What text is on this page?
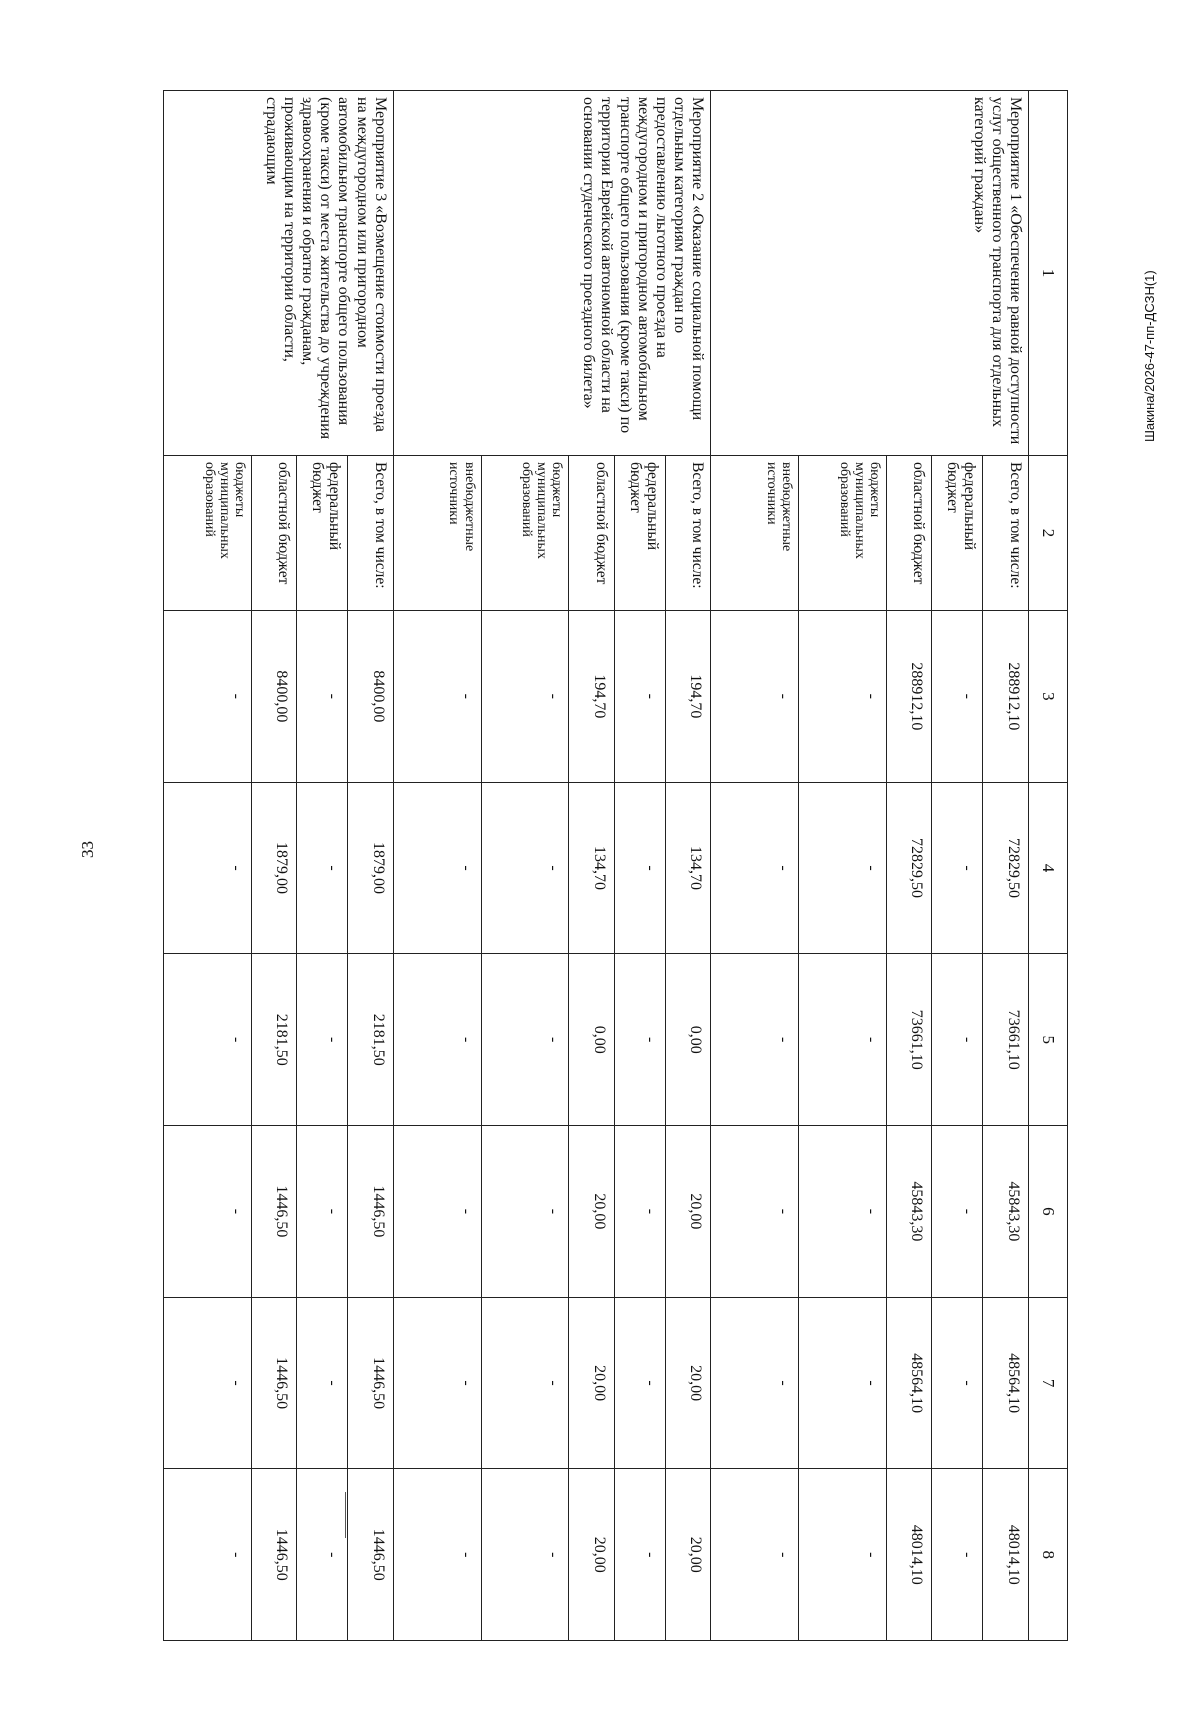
33
Шакина/2026-47-пп-ДСЗН(1)
1	2	3	4	5	6	7	8
Мероприятие 1 «Обеспечение равной доступности услуг общественного транспорта для отдельных категорий граждан»	Всего, в том числе:	288912,10	72829,50	73661,10	45843,30	48564,10	48014,10
	федеральный бюджет	-	-	-	-	-	-
	областной бюджет	288912,10	72829,50	73661,10	45843,30	48564,10	48014,10
	бюджеты муниципальных образований	-	-	-	-	-	-
	внебюджетные источники	-	-	-	-	-	-
Мероприятие 2 «Оказание социальной помощи отдельным категориям граждан по предоставлению льготного проезда на междугородном и пригородном автомобильном транспорте общего пользования (кроме такси) по территории Еврейской автономной области на основании студенческого проездного билета»	Всего, в том числе:	194,70	134,70	0,00	20,00	20,00	20,00
	федеральный бюджет	-	-	-	-	-	-
	областной бюджет	194,70	134,70	0,00	20,00	20,00	20,00
	бюджеты муниципальных образований	-	-	-	-	-	-
	внебюджетные источники	-	-	-	-	-	-
Мероприятие 3 «Возмещение стоимости проезда на междугородном или пригородном автомобильном транспорте общего пользования (кроме такси) от места жительства до учреждения здравоохранения и обратно гражданам, проживающим на территории области, страдающим	Всего, в том числе:	8400,00	1879,00	2181,50	1446,50	1446,50	1446,50
	федеральный бюджет	-	-	-	-	-	-
	областной бюджет	8400,00	1879,00	2181,50	1446,50	1446,50	1446,50
	бюджеты муниципальных образований	-	-	-	-	-	-
